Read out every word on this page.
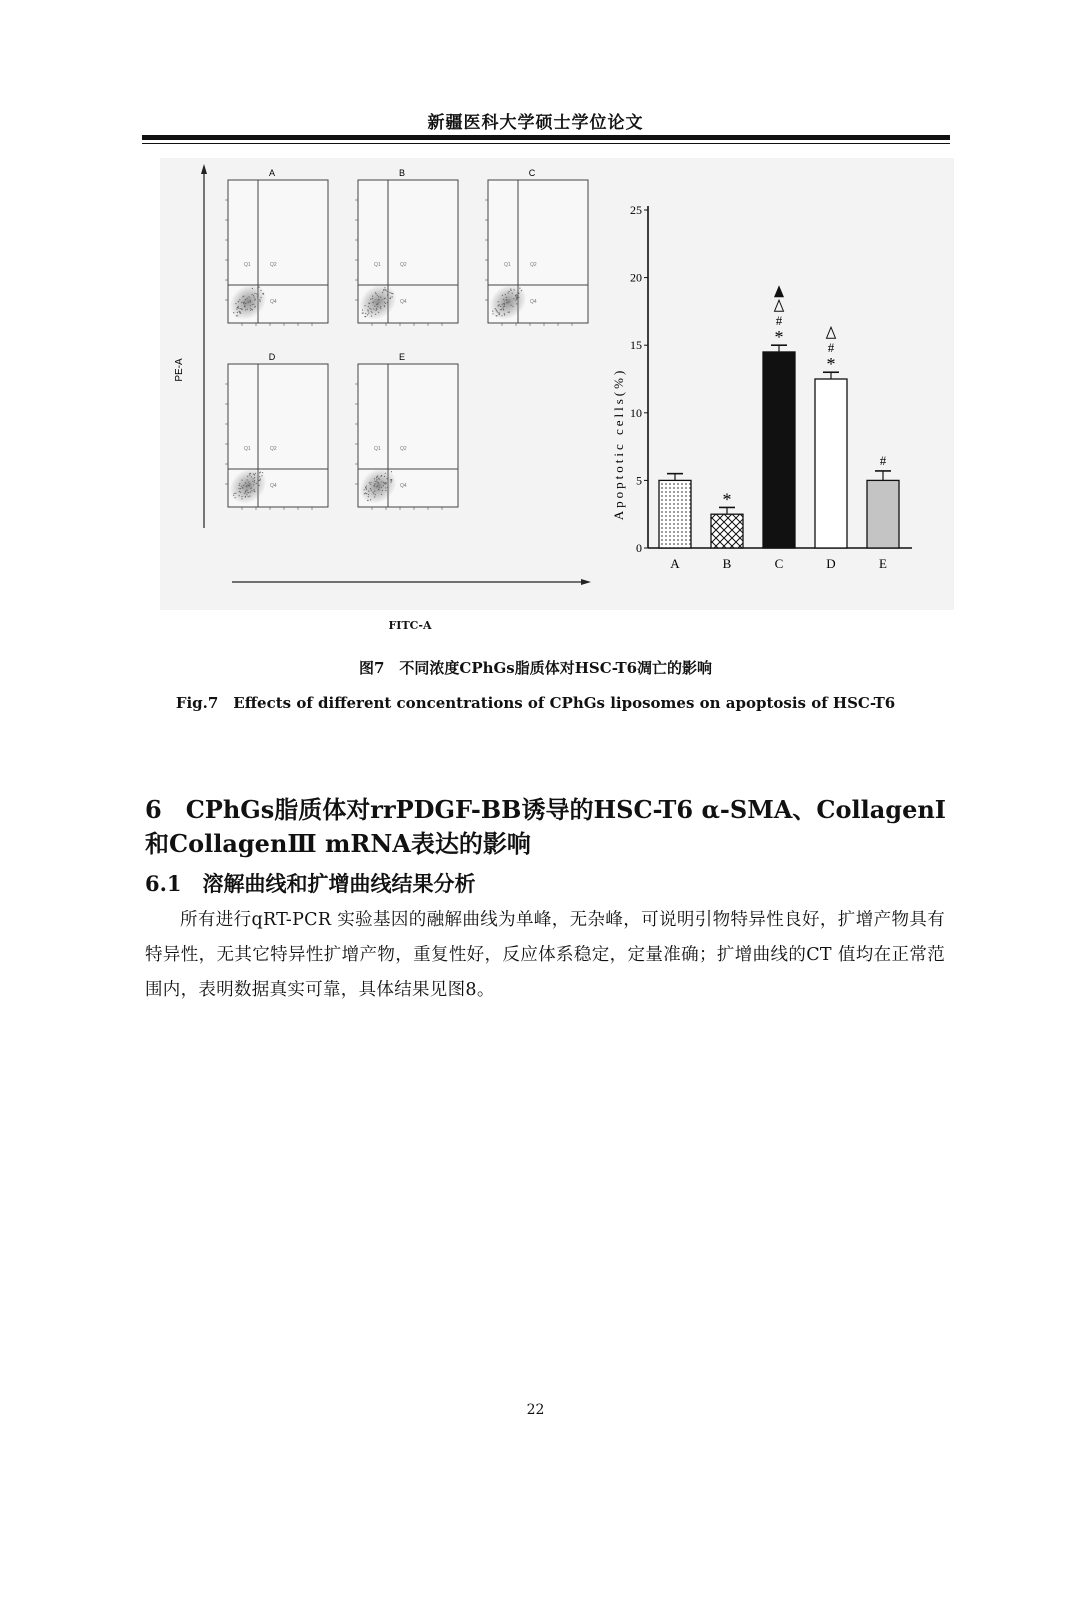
新疆医科大学硕士学位论文
PE-A
A
Q1	Q2
Q4
B
Q1	Q2
Q4
C
Q1	Q2
Q4
D
Q1	Q2
Q4
E
Q1	Q2
Q4	Apoptotic cells(%)
0
5
10
15
20
25
A	B
*
C
*
#
D
*
#
E
#
FITC-A
图7　不同浓度CPhGs脂质体对HSC-T6凋亡的影响
Fig.7　Effects of different concentrations of CPhGs liposomes on apoptosis of HSC-T6
6　CPhGs脂质体对rrPDGF-BB诱导的HSC-T6 α-SMA、CollagenI和CollagenⅢ mRNA表达的影响
6.1　溶解曲线和扩增曲线结果分析
所有进行qRT-PCR 实验基因的融解曲线为单峰，无杂峰，可说明引物特异性良好，扩增产物具有特异性，无其它特异性扩增产物，重复性好，反应体系稳定，定量准确；扩增曲线的CT 值均在正常范围内，表明数据真实可靠，具体结果见图8。
22
